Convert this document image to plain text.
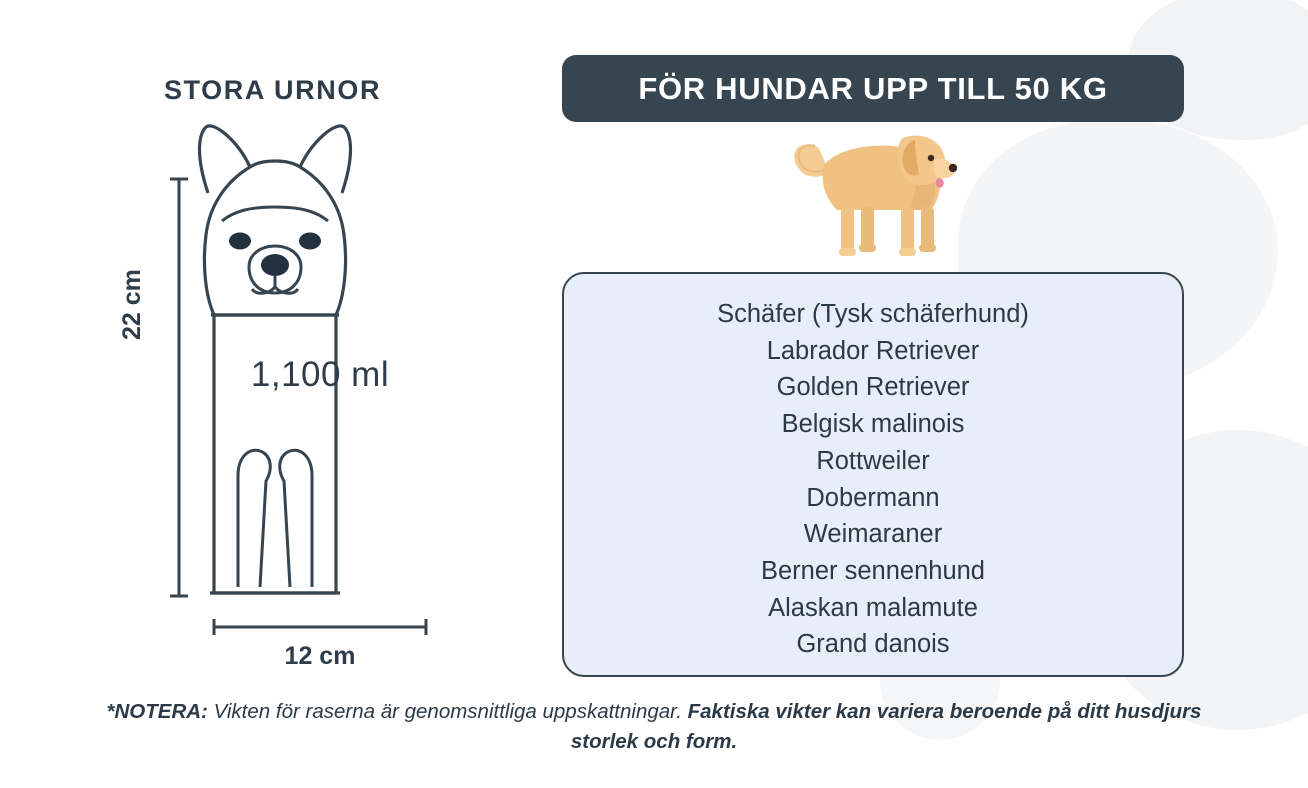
STORA URNOR
1,100 ml
22 cm
12 cm
FÖR HUNDAR UPP TILL 50 KG
Schäfer (Tysk schäferhund)
Labrador Retriever
Golden Retriever
Belgisk malinois
Rottweiler
Dobermann
Weimaraner
Berner sennenhund
Alaskan malamute
Grand danois
*NOTERA: Vikten för raserna är genomsnittliga uppskattningar. Faktiska vikter kan variera beroende på ditt husdjurs storlek och form.
